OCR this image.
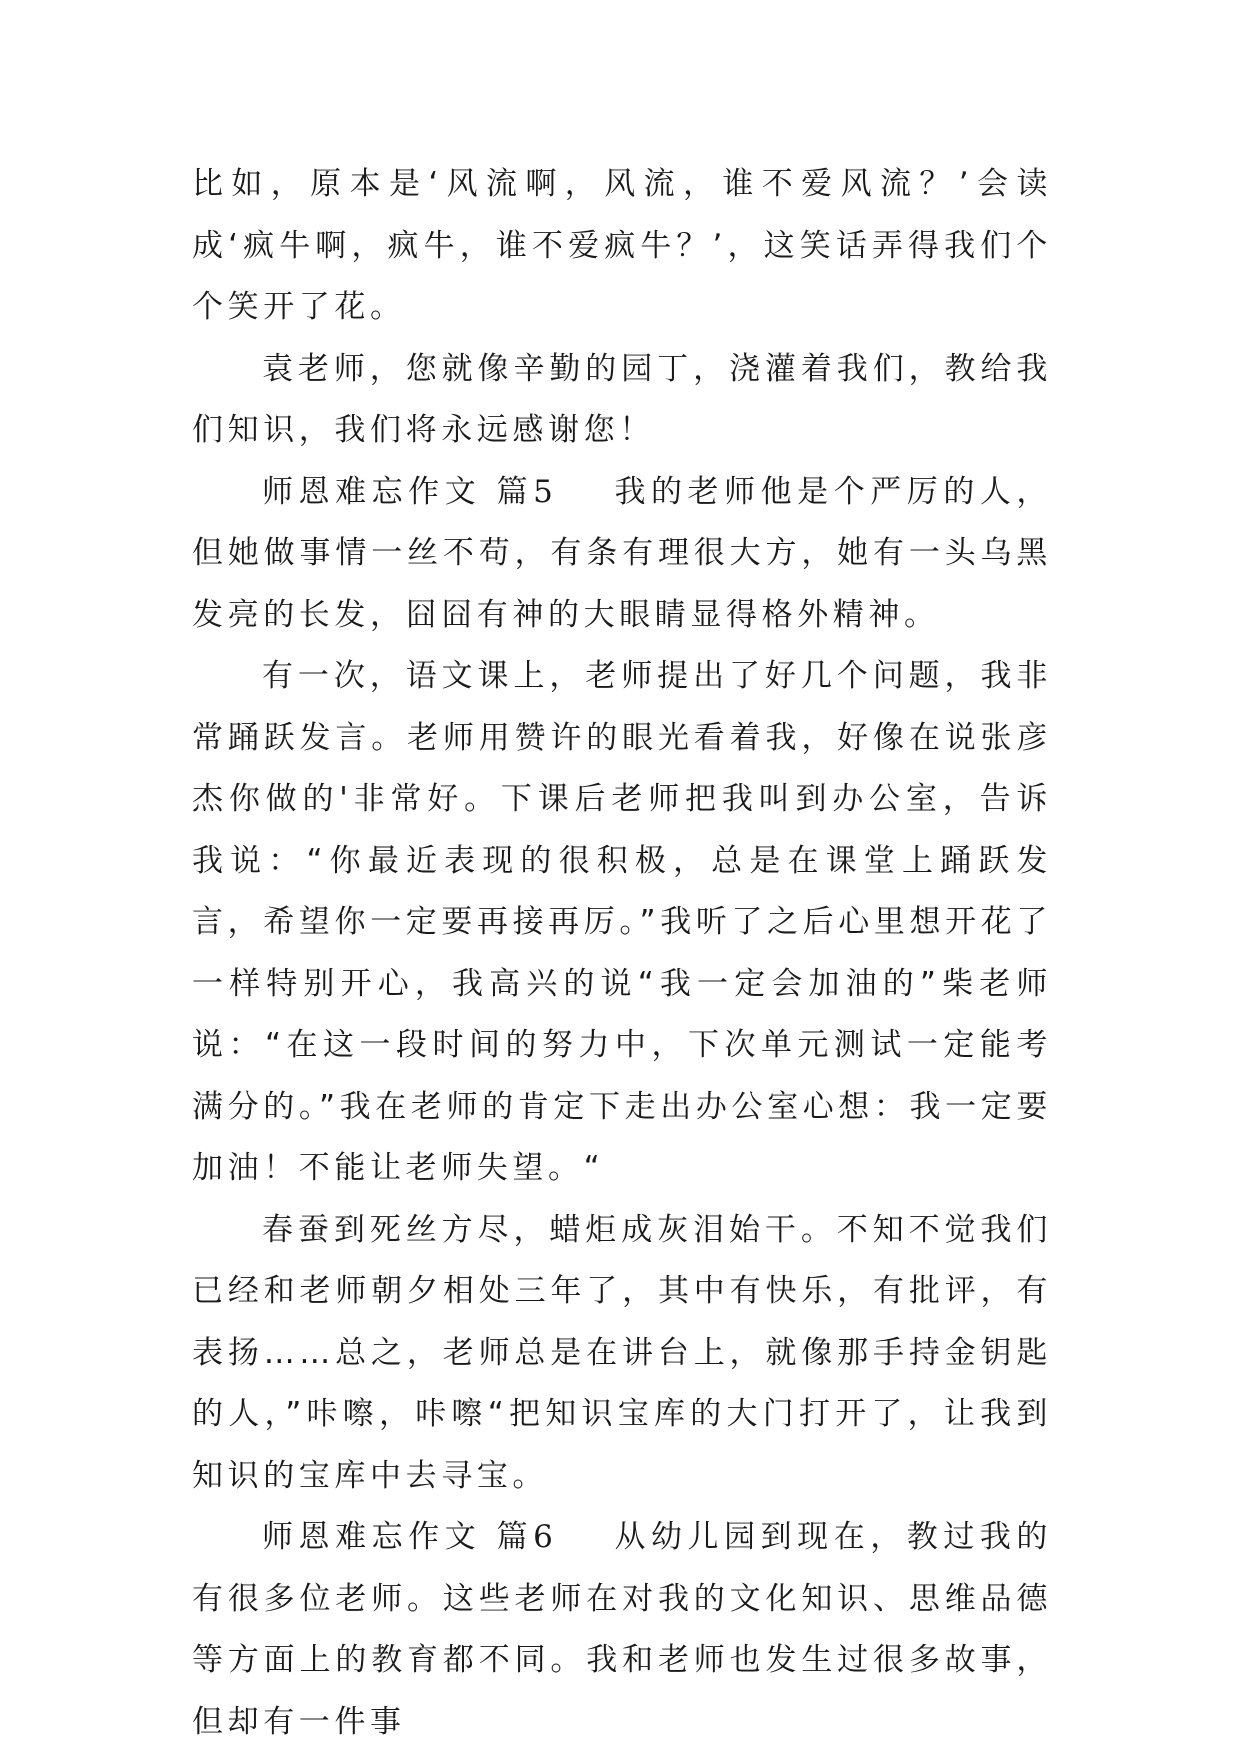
比如，原本是‘风流啊，风流，谁不爱风流？’会读成‘疯牛啊，疯牛，谁不爱疯牛？’，这笑话弄得我们个个笑开了花。

袁老师，您就像辛勤的园丁，浇灌着我们，教给我们知识，我们将永远感谢您！

师恩难忘作文 篇5 我的老师他是个严厉的人，但她做事情一丝不苟，有条有理很大方，她有一头乌黑发亮的长发，囧囧有神的大眼睛显得格外精神。

有一次，语文课上，老师提出了好几个问题，我非常踊跃发言。老师用赞许的眼光看着我，好像在说张彦杰你做的'非常好。下课后老师把我叫到办公室，告诉我说：“你最近表现的很积极，总是在课堂上踊跃发言，希望你一定要再接再厉。”我听了之后心里想开花了一样特别开心，我高兴的说“我一定会加油的”柴老师说：“在这一段时间的努力中，下次单元测试一定能考满分的。”我在老师的肯定下走出办公室心想：我一定要加油！不能让老师失望。“

春蚕到死丝方尽，蜡炬成灰泪始干。不知不觉我们已经和老师朝夕相处三年了，其中有快乐，有批评，有表扬……总之，老师总是在讲台上，就像那手持金钥匙的人，”咔嚓，咔嚓“把知识宝库的大门打开了，让我到知识的宝库中去寻宝。

师恩难忘作文 篇6 从幼儿园到现在，教过我的有很多位老师。这些老师在对我的文化知识、思维品德等方面上的教育都不同。我和老师也发生过很多故事，但却有一件事
